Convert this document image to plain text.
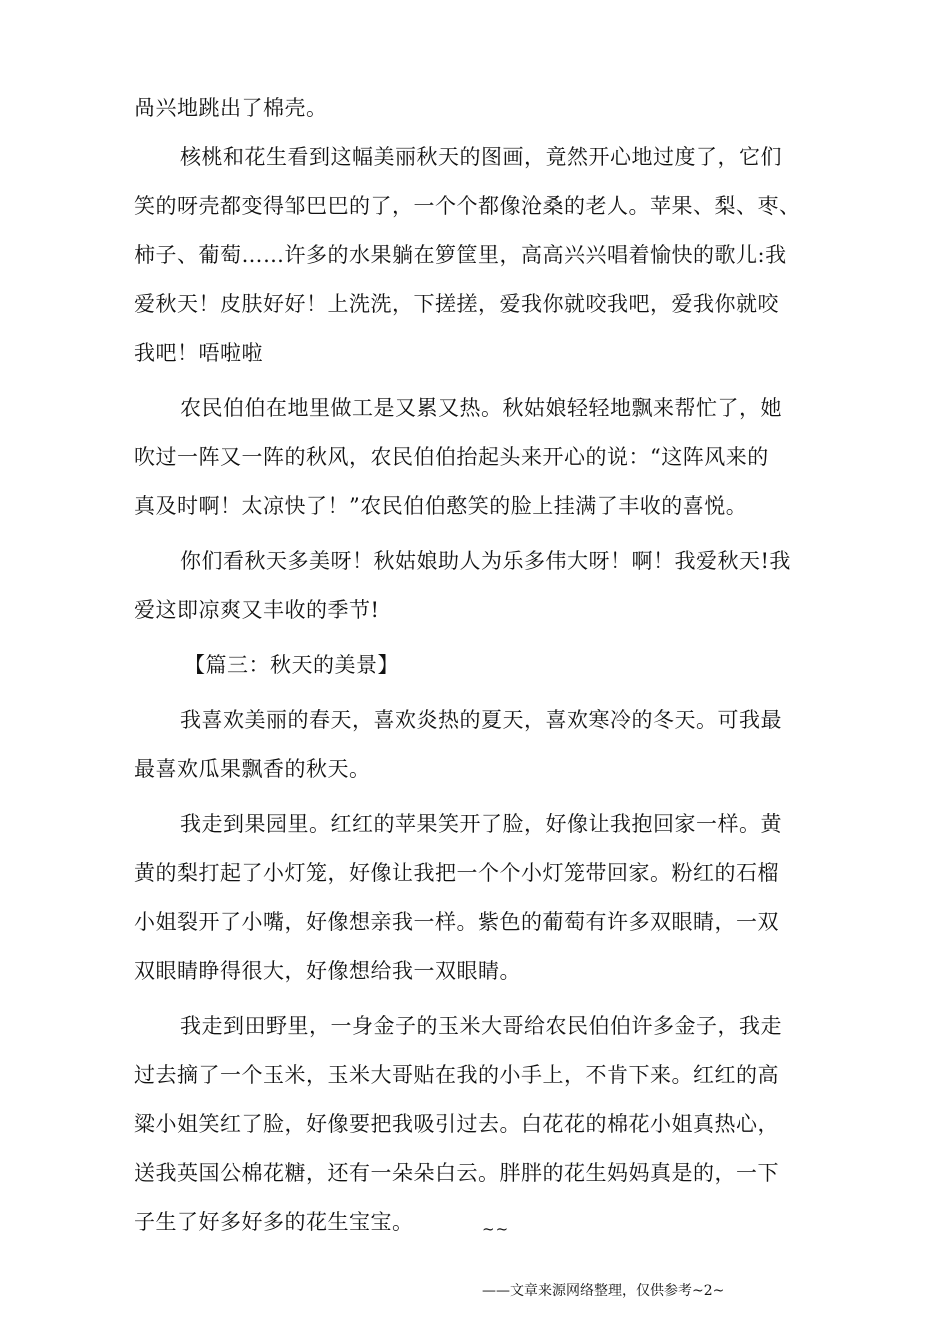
咼兴地跳出了棉壳。
核桃和花生看到这幅美丽秋天的图画，竟然开心地过度了，它们
笑的呀壳都变得邹巴巴的了，一个个都像沧桑的老人。苹果、梨、枣、
柿子、葡萄……许多的水果躺在箩筐里，高高兴兴唱着愉快的歌儿:我
爱秋天！皮肤好好！上洗洗，下搓搓，爱我你就咬我吧，爱我你就咬
我吧！唔啦啦
农民伯伯在地里做工是又累又热。秋姑娘轻轻地飘来帮忙了，她
吹过一阵又一阵的秋风，农民伯伯抬起头来开心的说：“这阵风来的
真及时啊！太凉快了！”农民伯伯憨笑的脸上挂满了丰收的喜悦。
你们看秋天多美呀！秋姑娘助人为乐多伟大呀！啊！我爱秋天!我
爱这即凉爽又丰收的季节!
【篇三：秋天的美景】
我喜欢美丽的春天，喜欢炎热的夏天，喜欢寒冷的冬天。可我最
最喜欢瓜果飘香的秋天。
我走到果园里。红红的苹果笑开了脸，好像让我抱回家一样。黄
黄的梨打起了小灯笼，好像让我把一个个小灯笼带回家。粉红的石榴
小姐裂开了小嘴，好像想亲我一样。紫色的葡萄有许多双眼睛，一双
双眼睛睁得很大，好像想给我一双眼睛。
我走到田野里，一身金子的玉米大哥给农民伯伯许多金子，我走
过去摘了一个玉米，玉米大哥贴在我的小手上，不肯下来。红红的高
粱小姐笑红了脸，好像要把我吸引过去。白花花的棉花小姐真热心，
送我英国公棉花糖，还有一朵朵白云。胖胖的花生妈妈真是的，一下
子生了好多好多的花生宝宝。	~~
——文章来源网络整理，仅供参考~2~
